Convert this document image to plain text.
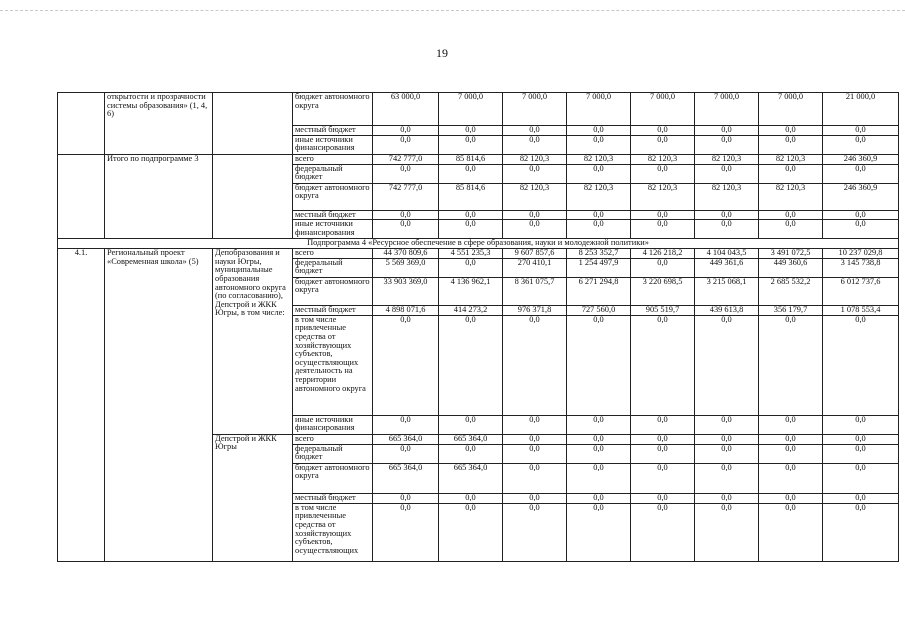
19
	открытости и прозрачности системы образования» (1, 4, 6)		бюджет автономного округа	63 000,0	7 000,0	7 000,0	7 000,0	7 000,0	7 000,0	7 000,0	21 000,0
			местный бюджет	0,0	0,0	0,0	0,0	0,0	0,0	0,0	0,0
			иные источники финансирования	0,0	0,0	0,0	0,0	0,0	0,0	0,0	0,0
	Итого по подпрограмме 3		всего	742 777,0	85 814,6	82 120,3	82 120,3	82 120,3	82 120,3	82 120,3	246 360,9
			федеральный бюджет	0,0	0,0	0,0	0,0	0,0	0,0	0,0	0,0
			бюджет автономного округа	742 777,0	85 814,6	82 120,3	82 120,3	82 120,3	82 120,3	82 120,3	246 360,9
			местный бюджет	0,0	0,0	0,0	0,0	0,0	0,0	0,0	0,0
			иные источники финансирования	0,0	0,0	0,0	0,0	0,0	0,0	0,0	0,0
Подпрограмма 4 «Ресурсное обеспечение в сфере образования, науки и молодежной политики»											
4.1.	Региональный проект «Современная школа» (5)	Депобразования и науки Югры, муниципальные образования автономного округа (по согласованию), Депстрой и ЖКК Югры, в том числе:	всего	44 370 809,6	4 551 235,3	9 607 857,6	8 253 352,7	4 126 218,2	4 104 043,5	3 491 072,5	10 237 029,8
			федеральный бюджет	5 569 369,0	0,0	270 410,1	1 254 497,9	0,0	449 361,6	449 360,6	3 145 738,8
			бюджет автономного округа	33 903 369,0	4 136 962,1	8 361 075,7	6 271 294,8	3 220 698,5	3 215 068,1	2 685 532,2	6 012 737,6
			местный бюджет	4 898 071,6	414 273,2	976 371,8	727 560,0	905 519,7	439 613,8	356 179,7	1 078 553,4
			в том числе привлеченные средства от хозяйствующих субъектов, осуществляющих деятельность на территории автономного округа	0,0	0,0	0,0	0,0	0,0	0,0	0,0	0,0
			иные источники финансирования	0,0	0,0	0,0	0,0	0,0	0,0	0,0	0,0
		Депстрой и ЖКК Югры	всего	665 364,0	665 364,0	0,0	0,0	0,0	0,0	0,0	0,0
			федеральный бюджет	0,0	0,0	0,0	0,0	0,0	0,0	0,0	0,0
			бюджет автономного округа	665 364,0	665 364,0	0,0	0,0	0,0	0,0	0,0	0,0
			местный бюджет	0,0	0,0	0,0	0,0	0,0	0,0	0,0	0,0
			в том числе привлеченные средства от хозяйствующих субъектов, осуществляющих	0,0	0,0	0,0	0,0	0,0	0,0	0,0	0,0
